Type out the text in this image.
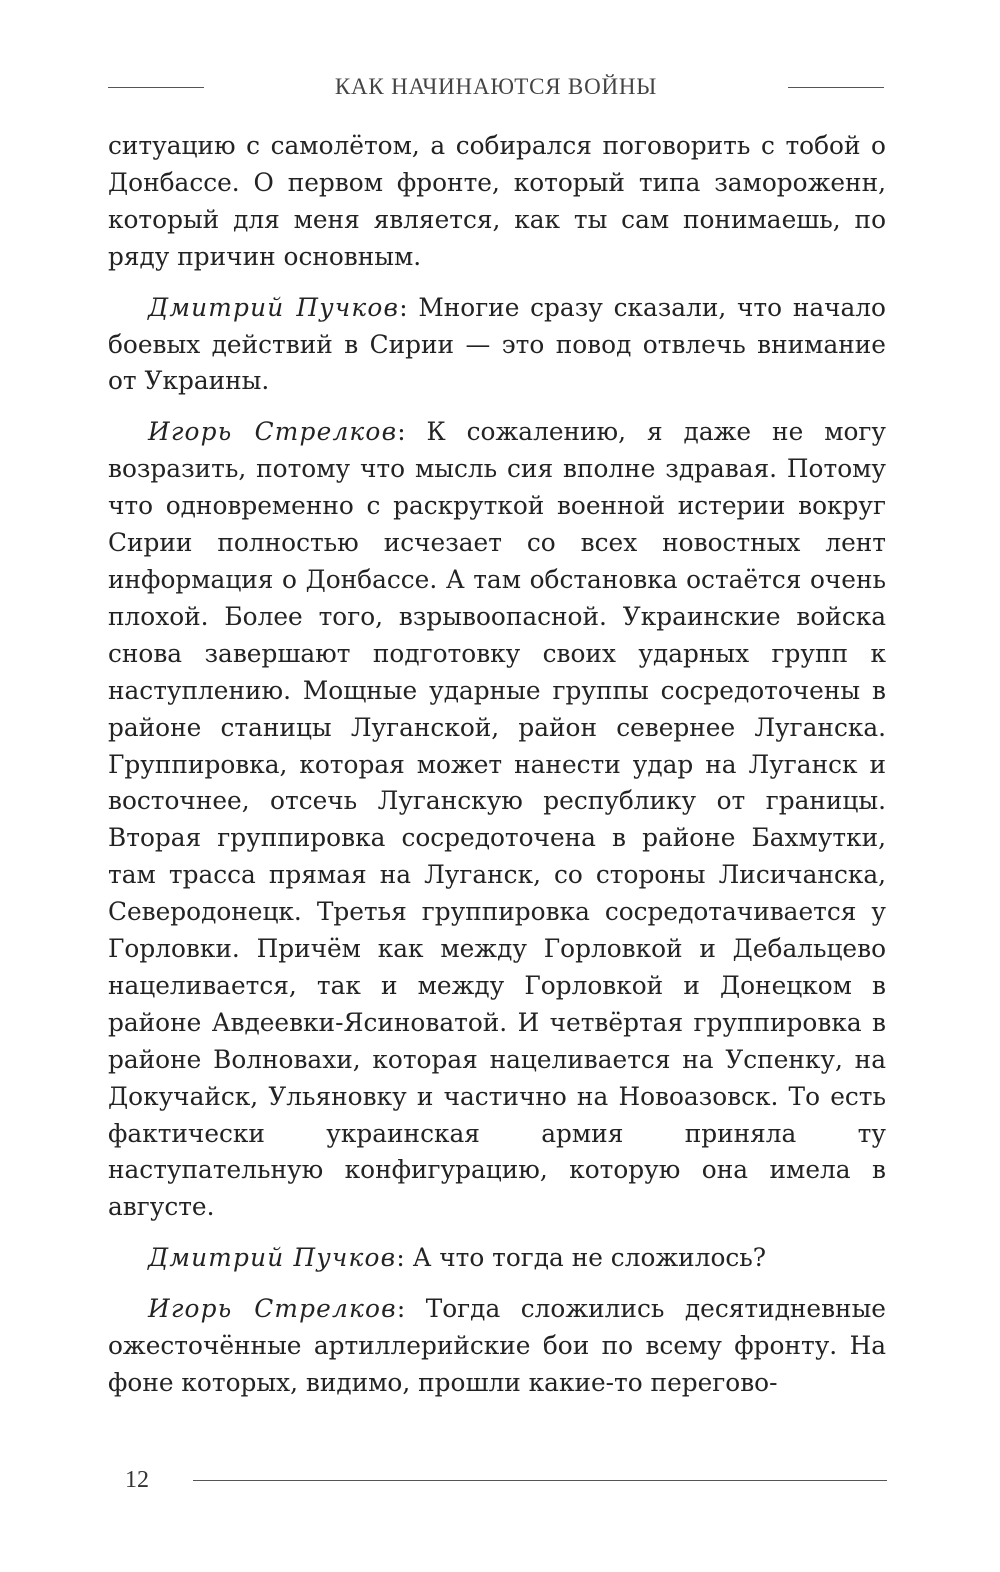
КАК НАЧИНАЮТСЯ ВОЙНЫ

ситуацию с самолётом, а собирался поговорить с тобой о Донбассе. О первом фронте, который типа замороженн, который для меня является, как ты сам понимаешь, по ряду причин основным.

Дмитрий Пучков: Многие сразу сказали, что начало боевых действий в Сирии — это повод отвлечь внимание от Украины.

Игорь Стрелков: К сожалению, я даже не могу возразить, потому что мысль сия вполне здравая. Потому что одновременно с раскруткой военной истерии вокруг Сирии полностью исчезает со всех новостных лент информация о Донбассе. А там обстановка остаётся очень плохой. Более того, взрывоопасной. Украинские войска снова завершают подготовку своих ударных групп к наступлению. Мощные ударные группы сосредоточены в районе станицы Луганской, район севернее Луганска. Группировка, которая может нанести удар на Луганск и восточнее, отсечь Луганскую республику от границы. Вторая группировка сосредоточена в районе Бахмутки, там трасса прямая на Луганск, со стороны Лисичанска, Северодонецк. Третья группировка сосредотачивается у Горловки. Причём как между Горловкой и Дебальцево нацеливается, так и между Горловкой и Донецком в районе Авдеевки-Ясиноватой. И четвёртая группировка в районе Волновахи, которая нацеливается на Успенку, на Докучайск, Ульяновку и частично на Новоазовск. То есть фактически украинская армия приняла ту наступательную конфигурацию, которую она имела в августе.

Дмитрий Пучков: А что тогда не сложилось?

Игорь Стрелков: Тогда сложились десятидневные ожесточённые артиллерийские бои по всему фронту. На фоне которых, видимо, прошли какие-то перегово-

12
